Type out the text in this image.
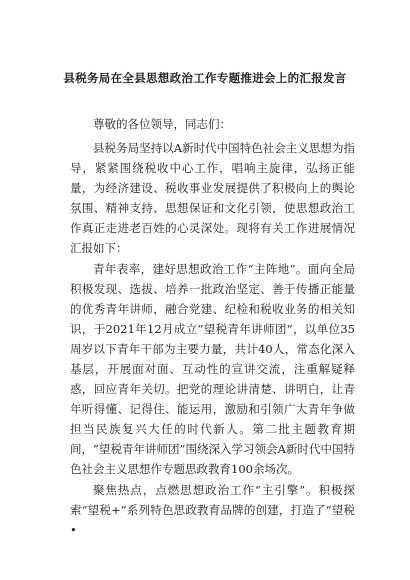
县税务局在全县思想政治工作专题推进会上的汇报发言

尊敬的各位领导，同志们：

县税务局坚持以A新时代中国特色社会主义思想为指导，紧紧围绕税收中心工作，唱响主旋律，弘扬正能量，为经济建设、税收事业发展提供了积极向上的舆论氛围、精神支持、思想保证和文化引领，使思想政治工作真正走进老百姓的心灵深处。现将有关工作进展情况汇报如下：

青年表率，建好思想政治工作“主阵地”。面向全局积极发现、选拔、培养一批政治坚定、善于传播正能量的优秀青年讲师，融合党建、纪检和税收业务的相关知识，于2021年12月成立“望税青年讲师团”，以单位35周岁以下青年干部为主要力量，共计40人，常态化深入基层，开展面对面、互动性的宣讲交流，注重解疑释惑，回应青年关切。把党的理论讲清楚、讲明白，让青年听得懂、记得住、能运用，激励和引领广大青年争做担当民族复兴大任的时代新人。第二批主题教育期间，“望税青年讲师团”围绕深入学习领会A新时代中国特色社会主义思想作专题思政教育100余场次。

聚焦热点，点燃思想政治工作“主引擎”。积极探索“望税+”系列特色思政教育品牌的创建，打造了“望税•
